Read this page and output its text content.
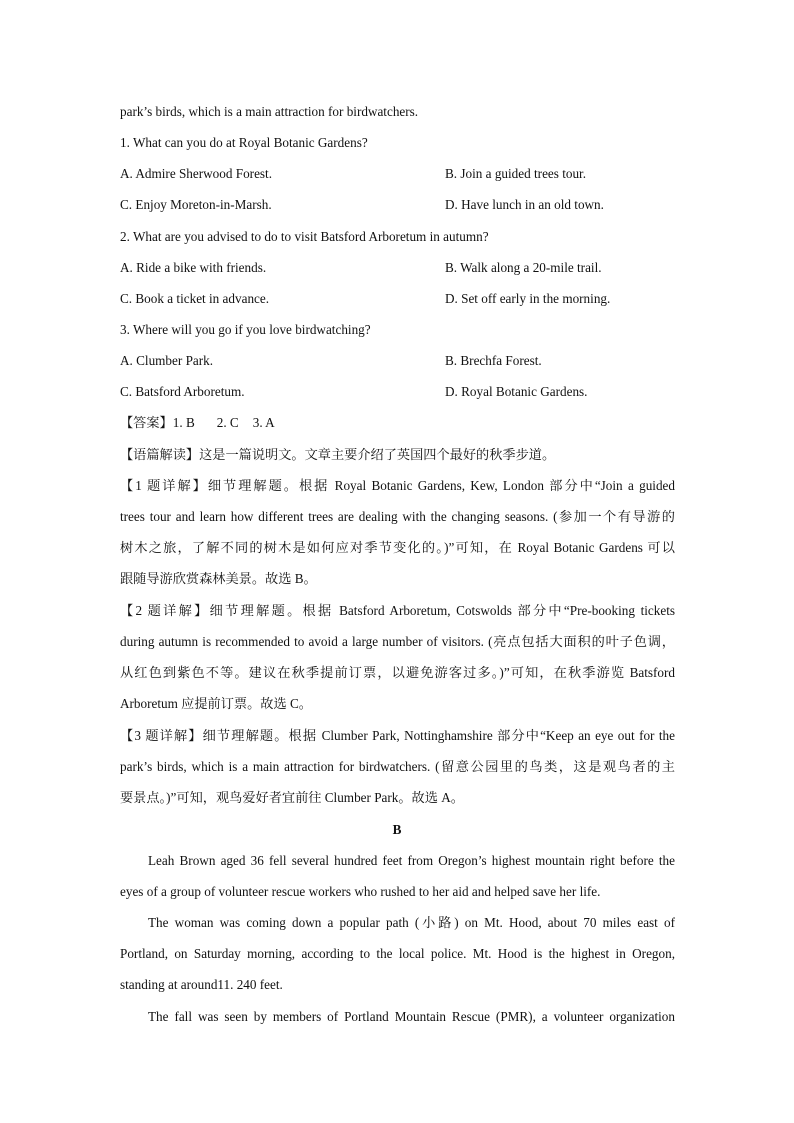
park’s birds, which is a main attraction for birdwatchers.
1. What can you do at Royal Botanic Gardens?
A. Admire Sherwood Forest.	B. Join a guided trees tour.
C. Enjoy Moreton-in-Marsh.	D. Have lunch in an old town.
2. What are you advised to do to visit Batsford Arboretum in autumn?
A. Ride a bike with friends.	B. Walk along a 20-mile trail.
C. Book a ticket in advance.	D. Set off early in the morning.
3. Where will you go if you love birdwatching?
A. Clumber Park.	B. Brechfa Forest.
C. Batsford Arboretum.	D. Royal Botanic Gardens.
【答案】1. B 2. C 3. A
【语篇解读】这是一篇说明文。文章主要介绍了英国四个最好的秋季步道。
【1 题详解】细节理解题。根据 Royal Botanic Gardens, Kew, London 部分中“Join a guided
trees tour and learn how different trees are dealing with the changing seasons. (参加一个有导游的
树木之旅，了解不同的树木是如何应对季节变化的。)”可知，在 Royal Botanic Gardens 可以
跟随导游欣赏森林美景。故选 B。
【2 题详解】细节理解题。根据 Batsford Arboretum, Cotswolds 部分中“Pre-booking tickets
during autumn is recommended to avoid a large number of visitors. (亮点包括大面积的叶子色调，
从红色到紫色不等。建议在秋季提前订票，以避免游客过多。)”可知，在秋季游览 Batsford
Arboretum 应提前订票。故选 C。
【3 题详解】细节理解题。根据 Clumber Park, Nottinghamshire 部分中“Keep an eye out for the
park’s birds, which is a main attraction for birdwatchers. (留意公园里的鸟类，这是观鸟者的主
要景点。)”可知，观鸟爱好者宜前往 Clumber Park。故选 A。
B
Leah Brown aged 36 fell several hundred feet from Oregon’s highest mountain right before the
eyes of a group of volunteer rescue workers who rushed to her aid and helped save her life.
The woman was coming down a popular path (小路) on Mt. Hood, about 70 miles east of
Portland, on Saturday morning, according to the local police. Mt. Hood is the highest in Oregon,
standing at around11. 240 feet.
The fall was seen by members of Portland Mountain Rescue (PMR), a volunteer organization
